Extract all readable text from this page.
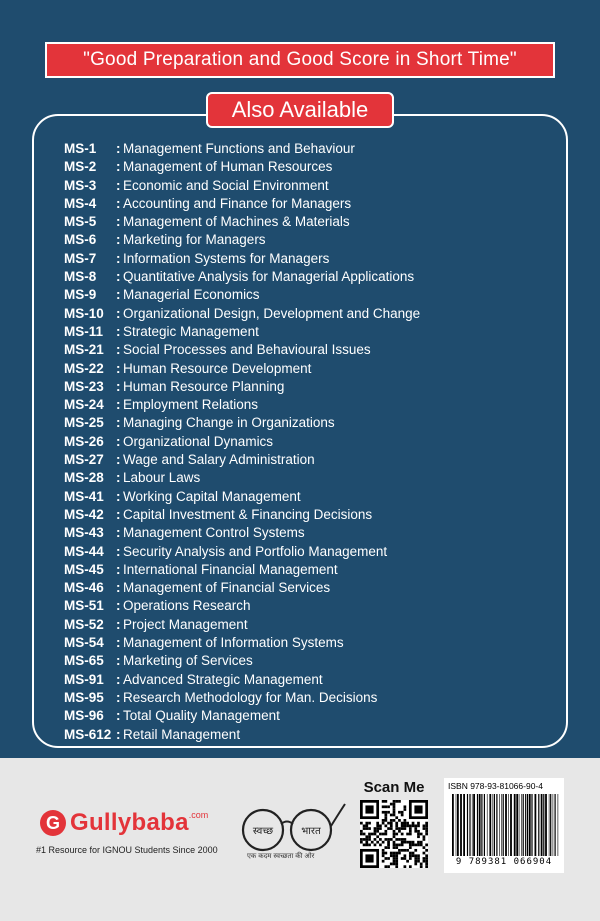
"Good Preparation and Good Score in Short Time"
Also Available
MS-1 : Management Functions and Behaviour
MS-2 : Management of Human Resources
MS-3 : Economic and Social Environment
MS-4 : Accounting and Finance for Managers
MS-5 : Management of Machines & Materials
MS-6 : Marketing for Managers
MS-7 : Information Systems for Managers
MS-8 : Quantitative Analysis for Managerial Applications
MS-9 : Managerial Economics
MS-10 : Organizational Design, Development and Change
MS-11 : Strategic Management
MS-21 : Social Processes and Behavioural Issues
MS-22 : Human Resource Development
MS-23 : Human Resource Planning
MS-24 : Employment Relations
MS-25 : Managing Change in Organizations
MS-26 : Organizational Dynamics
MS-27 : Wage and Salary Administration
MS-28 : Labour Laws
MS-41 : Working Capital Management
MS-42 : Capital Investment & Financing Decisions
MS-43 : Management Control Systems
MS-44 : Security Analysis and Portfolio Management
MS-45 : International Financial Management
MS-46 : Management of Financial Services
MS-51 : Operations Research
MS-52 : Project Management
MS-54 : Management of Information Systems
MS-65 : Marketing of Services
MS-91 : Advanced Strategic Management
MS-95 : Research Methodology for Man. Decisions
MS-96 : Total Quality Management
MS-612 : Retail Management
G Gullybaba .com
#1 Resource for IGNOU Students Since 2000
स्वच्छ	भारत
एक कदम स्वच्छता की ओर
Scan Me	ISBN 978-93-81066-90-4
9 789381 066904
